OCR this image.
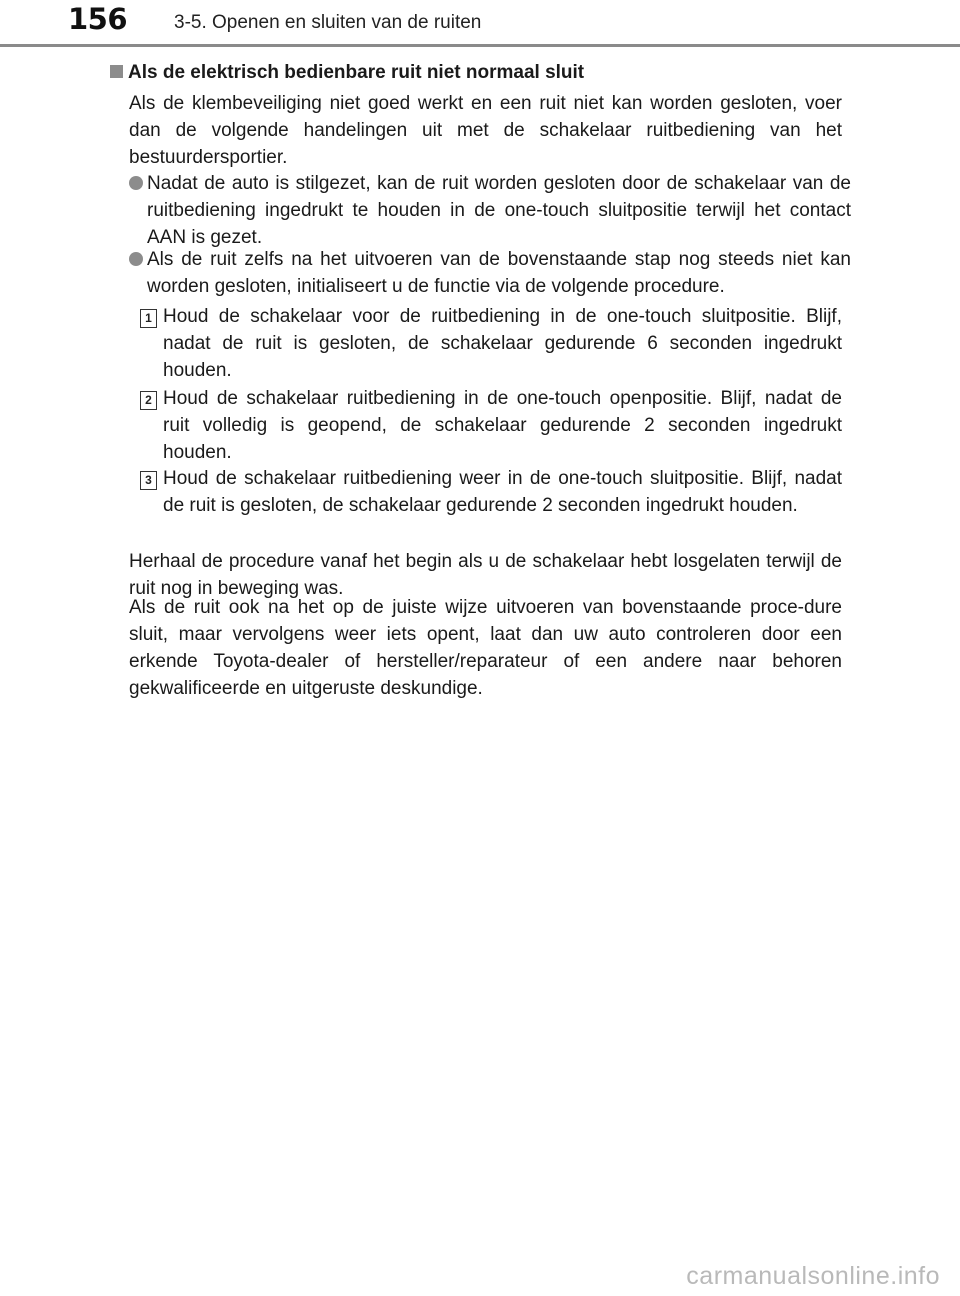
156 3-5. Openen en sluiten van de ruiten
Als de elektrisch bedienbare ruit niet normaal sluit
Als de klembeveiliging niet goed werkt en een ruit niet kan worden gesloten, voer dan de volgende handelingen uit met de schakelaar ruitbediening van het bestuurdersportier.
Nadat de auto is stilgezet, kan de ruit worden gesloten door de schakelaar van de ruitbediening ingedrukt te houden in de one-touch sluitpositie terwijl het contact AAN is gezet.
Als de ruit zelfs na het uitvoeren van de bovenstaande stap nog steeds niet kan worden gesloten, initialiseert u de functie via de volgende procedure.
1 Houd de schakelaar voor de ruitbediening in de one-touch sluitpositie. Blijf, nadat de ruit is gesloten, de schakelaar gedurende 6 seconden ingedrukt houden.
2 Houd de schakelaar ruitbediening in de one-touch openpositie. Blijf, nadat de ruit volledig is geopend, de schakelaar gedurende 2 seconden ingedrukt houden.
3 Houd de schakelaar ruitbediening weer in de one-touch sluitpositie. Blijf, nadat de ruit is gesloten, de schakelaar gedurende 2 seconden ingedrukt houden.
Herhaal de procedure vanaf het begin als u de schakelaar hebt losgelaten terwijl de ruit nog in beweging was.
Als de ruit ook na het op de juiste wijze uitvoeren van bovenstaande proce-dure sluit, maar vervolgens weer iets opent, laat dan uw auto controleren door een erkende Toyota-dealer of hersteller/reparateur of een andere naar behoren gekwalificeerde en uitgeruste deskundige.
carmanualsonline.info
